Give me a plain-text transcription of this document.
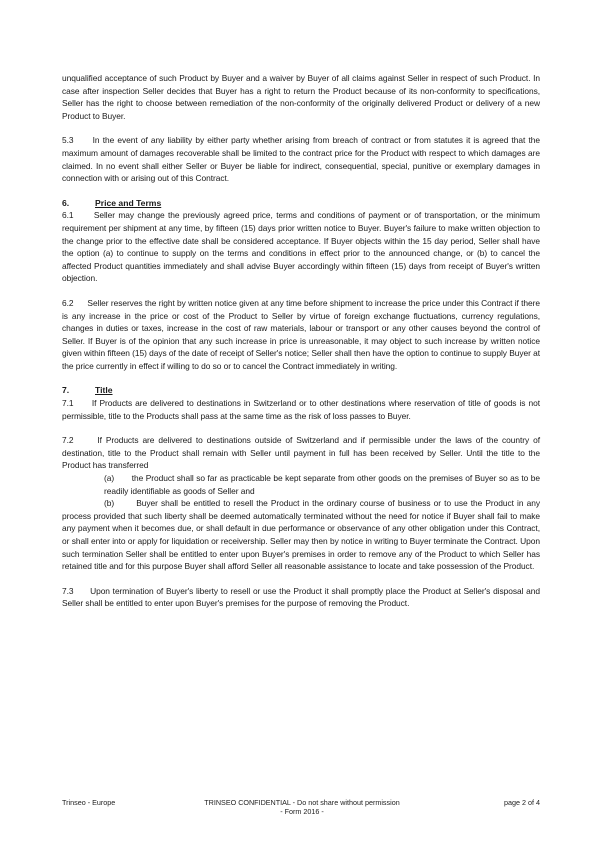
unqualified acceptance of such Product by Buyer and a waiver by Buyer of all claims against Seller in respect of such Product. In case after inspection Seller decides that Buyer has a right to return the Product because of its non-conformity to specifications, Seller has the right to choose between remediation of the non-conformity of the originally delivered Product or delivery of a new Product to Buyer.

5.3      In the event of any liability by either party whether arising from breach of contract or from statutes it is agreed that the maximum amount of damages recoverable shall be limited to the contract price for the Product with respect to which damages are claimed. In no event shall either Seller or Buyer be liable for indirect, consequential, special, punitive or exemplary damages in connection with or arising out of this Contract.

6.	Price and Terms

6.1      Seller may change the previously agreed price, terms and conditions of payment or of transportation, or the minimum requirement per shipment at any time, by fifteen (15) days prior written notice to Buyer. Buyer's failure to make written objection to the change prior to the effective date shall be considered acceptance. If Buyer objects within the 15 day period, Seller shall have the option (a) to continue to supply on the terms and conditions in effect prior to the announced change, or (b) to cancel the affected Product quantities immediately and shall advise Buyer accordingly within fifteen (15) days from receipt of Buyer's written objection.

6.2      Seller reserves the right by written notice given at any time before shipment to increase the price under this Contract if there is any increase in the price or cost of the Product to Seller by virtue of foreign exchange fluctuations, currency regulations, changes in duties or taxes, increase in the cost of raw materials, labour or transport or any other causes beyond the control of Seller. If Buyer is of the opinion that any such increase in price is unreasonable, it may object to such increase by written notice given within fifteen (15) days of the date of receipt of Seller's notice; Seller shall then have the option to continue to supply Buyer at the price currently in effect if willing to do so or to cancel the Contract immediately in writing.

7.	Title

7.1      If Products are delivered to destinations in Switzerland or to other destinations where reservation of title of goods is not permissible, title to the Products shall pass at the same time as the risk of loss passes to Buyer.

7.2      If Products are delivered to destinations outside of Switzerland and if permissible under the laws of the country of destination, title to the Product shall remain with Seller until payment in full has been received by Seller. Until the title to the Product has transferred

(a)       the Product shall so far as practicable be kept separate from other goods on the premises of Buyer so as to be readily identifiable as goods of Seller and

(b)       Buyer shall be entitled to resell the Product in the ordinary course of business or to use the Product in any process provided that such liberty shall be deemed automatically terminated without the need for notice if Buyer shall fail to make any payment when it becomes due, or shall default in due performance or observance of any other obligation under this Contract, or shall enter into or apply for liquidation or receivership. Seller may then by notice in writing to Buyer terminate the Contract. Upon such termination Seller shall be entitled to enter upon Buyer's premises in order to remove any of the Product to which Seller has retained title and for this purpose Buyer shall afford Seller all reasonable assistance to locate and take possession of the Product.

7.3      Upon termination of Buyer's liberty to resell or use the Product it shall promptly place the Product at Seller's disposal and Seller shall be entitled to enter upon Buyer's premises for the purpose of removing the Product.

Trinseo - Europe	TRINSEO CONFIDENTIAL - Do not share without permission
- Form 2016 -
page 2 of 4
